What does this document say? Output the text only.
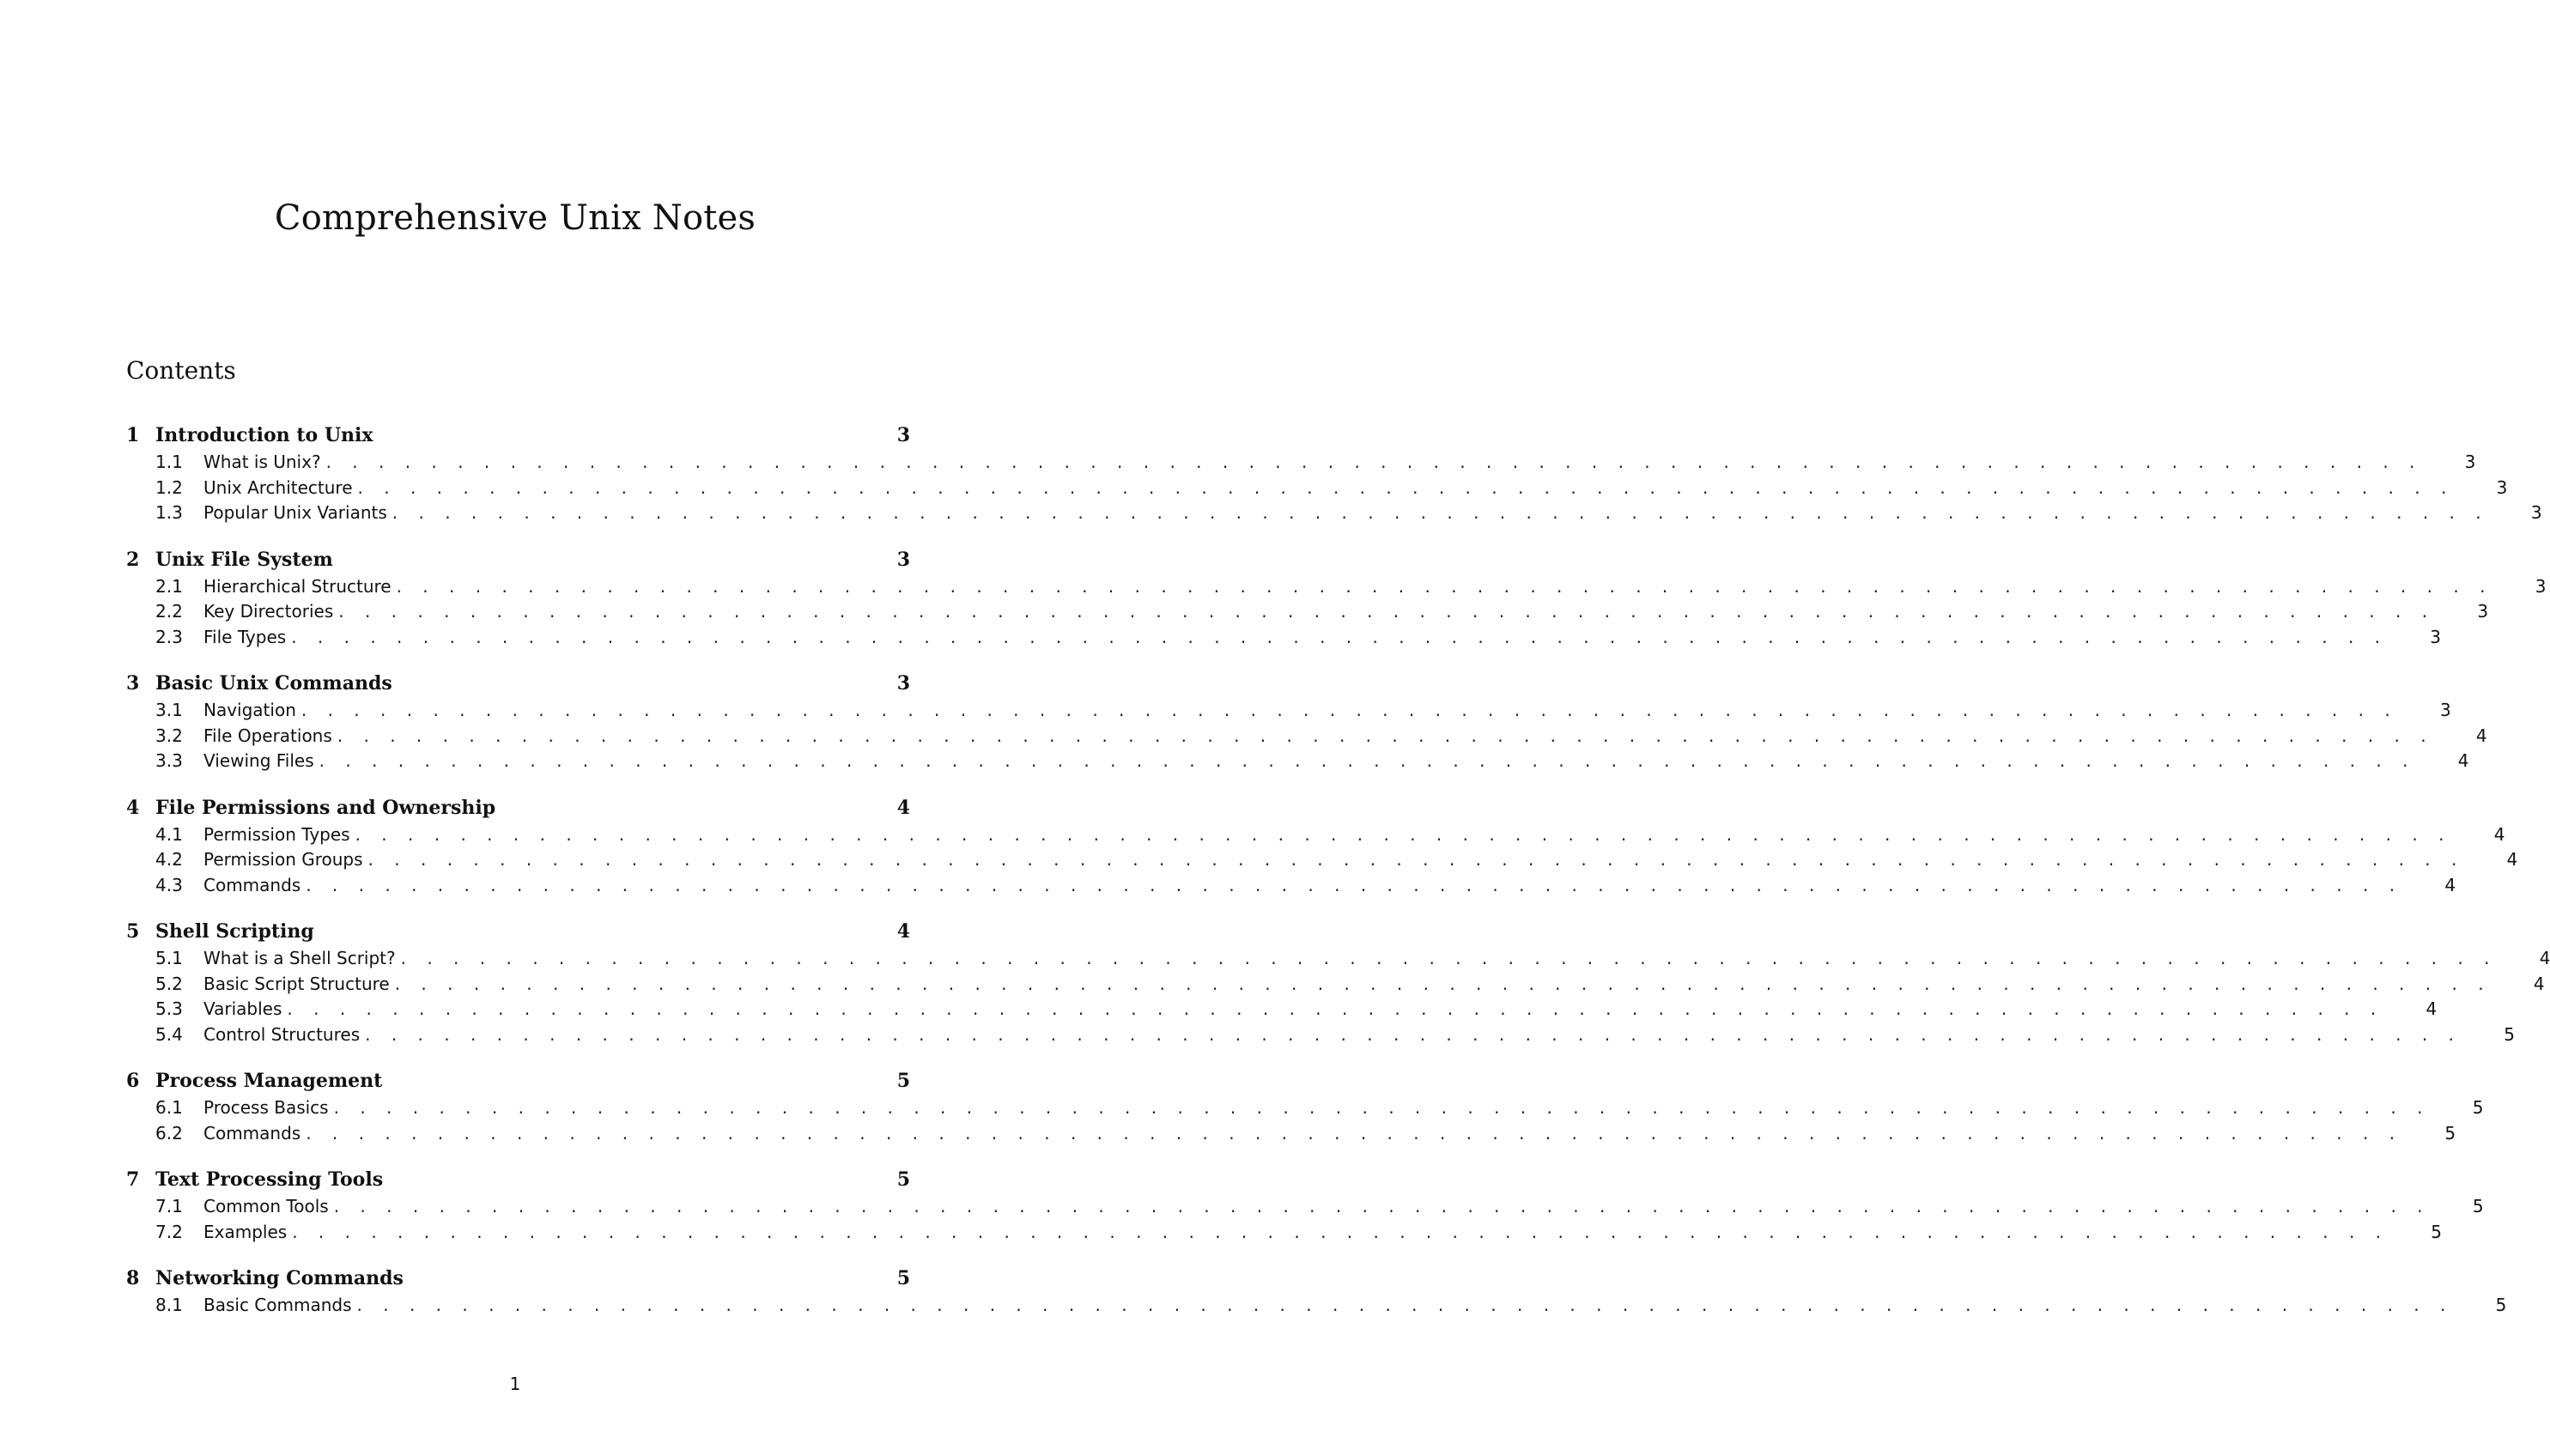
Comprehensive Unix Notes
Contents
1 Introduction to Unix	3
1.1	What is Unix? . . . . . . . . . . . . . . . . . . . . . . . . . . . . . . . . . . . . . . . . . . . . . . . . . . . . . . . . . . . . . . . . . . . . . . . . . . . . . . . .	3
1.2	Unix Architecture . . . . . . . . . . . . . . . . . . . . . . . . . . . . . . . . . . . . . . . . . . . . . . . . . . . . . . . . . . . . . . . . . . . . . . . . . . . . . . . .	3
1.3	Popular Unix Variants . . . . . . . . . . . . . . . . . . . . . . . . . . . . . . . . . . . . . . . . . . . . . . . . . . . . . . . . . . . . . . . . . . . . . . . . . . . . . . . .	3
2 Unix File System	3
2.1	Hierarchical Structure . . . . . . . . . . . . . . . . . . . . . . . . . . . . . . . . . . . . . . . . . . . . . . . . . . . . . . . . . . . . . . . . . . . . . . . . . . . . . . . .	3
2.2	Key Directories . . . . . . . . . . . . . . . . . . . . . . . . . . . . . . . . . . . . . . . . . . . . . . . . . . . . . . . . . . . . . . . . . . . . . . . . . . . . . . . .	3
2.3	File Types . . . . . . . . . . . . . . . . . . . . . . . . . . . . . . . . . . . . . . . . . . . . . . . . . . . . . . . . . . . . . . . . . . . . . . . . . . . . . . . .	3
3 Basic Unix Commands	3
3.1	Navigation . . . . . . . . . . . . . . . . . . . . . . . . . . . . . . . . . . . . . . . . . . . . . . . . . . . . . . . . . . . . . . . . . . . . . . . . . . . . . . . .	3
3.2	File Operations . . . . . . . . . . . . . . . . . . . . . . . . . . . . . . . . . . . . . . . . . . . . . . . . . . . . . . . . . . . . . . . . . . . . . . . . . . . . . . . .	4
3.3	Viewing Files . . . . . . . . . . . . . . . . . . . . . . . . . . . . . . . . . . . . . . . . . . . . . . . . . . . . . . . . . . . . . . . . . . . . . . . . . . . . . . . .	4
4 File Permissions and Ownership	4
4.1	Permission Types . . . . . . . . . . . . . . . . . . . . . . . . . . . . . . . . . . . . . . . . . . . . . . . . . . . . . . . . . . . . . . . . . . . . . . . . . . . . . . . .	4
4.2	Permission Groups . . . . . . . . . . . . . . . . . . . . . . . . . . . . . . . . . . . . . . . . . . . . . . . . . . . . . . . . . . . . . . . . . . . . . . . . . . . . . . . .	4
4.3	Commands . . . . . . . . . . . . . . . . . . . . . . . . . . . . . . . . . . . . . . . . . . . . . . . . . . . . . . . . . . . . . . . . . . . . . . . . . . . . . . . .	4
5 Shell Scripting	4
5.1	What is a Shell Script? . . . . . . . . . . . . . . . . . . . . . . . . . . . . . . . . . . . . . . . . . . . . . . . . . . . . . . . . . . . . . . . . . . . . . . . . . . . . . . . .	4
5.2	Basic Script Structure . . . . . . . . . . . . . . . . . . . . . . . . . . . . . . . . . . . . . . . . . . . . . . . . . . . . . . . . . . . . . . . . . . . . . . . . . . . . . . . .	4
5.3	Variables . . . . . . . . . . . . . . . . . . . . . . . . . . . . . . . . . . . . . . . . . . . . . . . . . . . . . . . . . . . . . . . . . . . . . . . . . . . . . . . .	4
5.4	Control Structures . . . . . . . . . . . . . . . . . . . . . . . . . . . . . . . . . . . . . . . . . . . . . . . . . . . . . . . . . . . . . . . . . . . . . . . . . . . . . . . .	5
6 Process Management	5
6.1	Process Basics . . . . . . . . . . . . . . . . . . . . . . . . . . . . . . . . . . . . . . . . . . . . . . . . . . . . . . . . . . . . . . . . . . . . . . . . . . . . . . . .	5
6.2	Commands . . . . . . . . . . . . . . . . . . . . . . . . . . . . . . . . . . . . . . . . . . . . . . . . . . . . . . . . . . . . . . . . . . . . . . . . . . . . . . . .	5
7 Text Processing Tools	5
7.1	Common Tools . . . . . . . . . . . . . . . . . . . . . . . . . . . . . . . . . . . . . . . . . . . . . . . . . . . . . . . . . . . . . . . . . . . . . . . . . . . . . . . .	5
7.2	Examples . . . . . . . . . . . . . . . . . . . . . . . . . . . . . . . . . . . . . . . . . . . . . . . . . . . . . . . . . . . . . . . . . . . . . . . . . . . . . . . .	5
8 Networking Commands	5
8.1	Basic Commands . . . . . . . . . . . . . . . . . . . . . . . . . . . . . . . . . . . . . . . . . . . . . . . . . . . . . . . . . . . . . . . . . . . . . . . . . . . . . . . .	5
1
